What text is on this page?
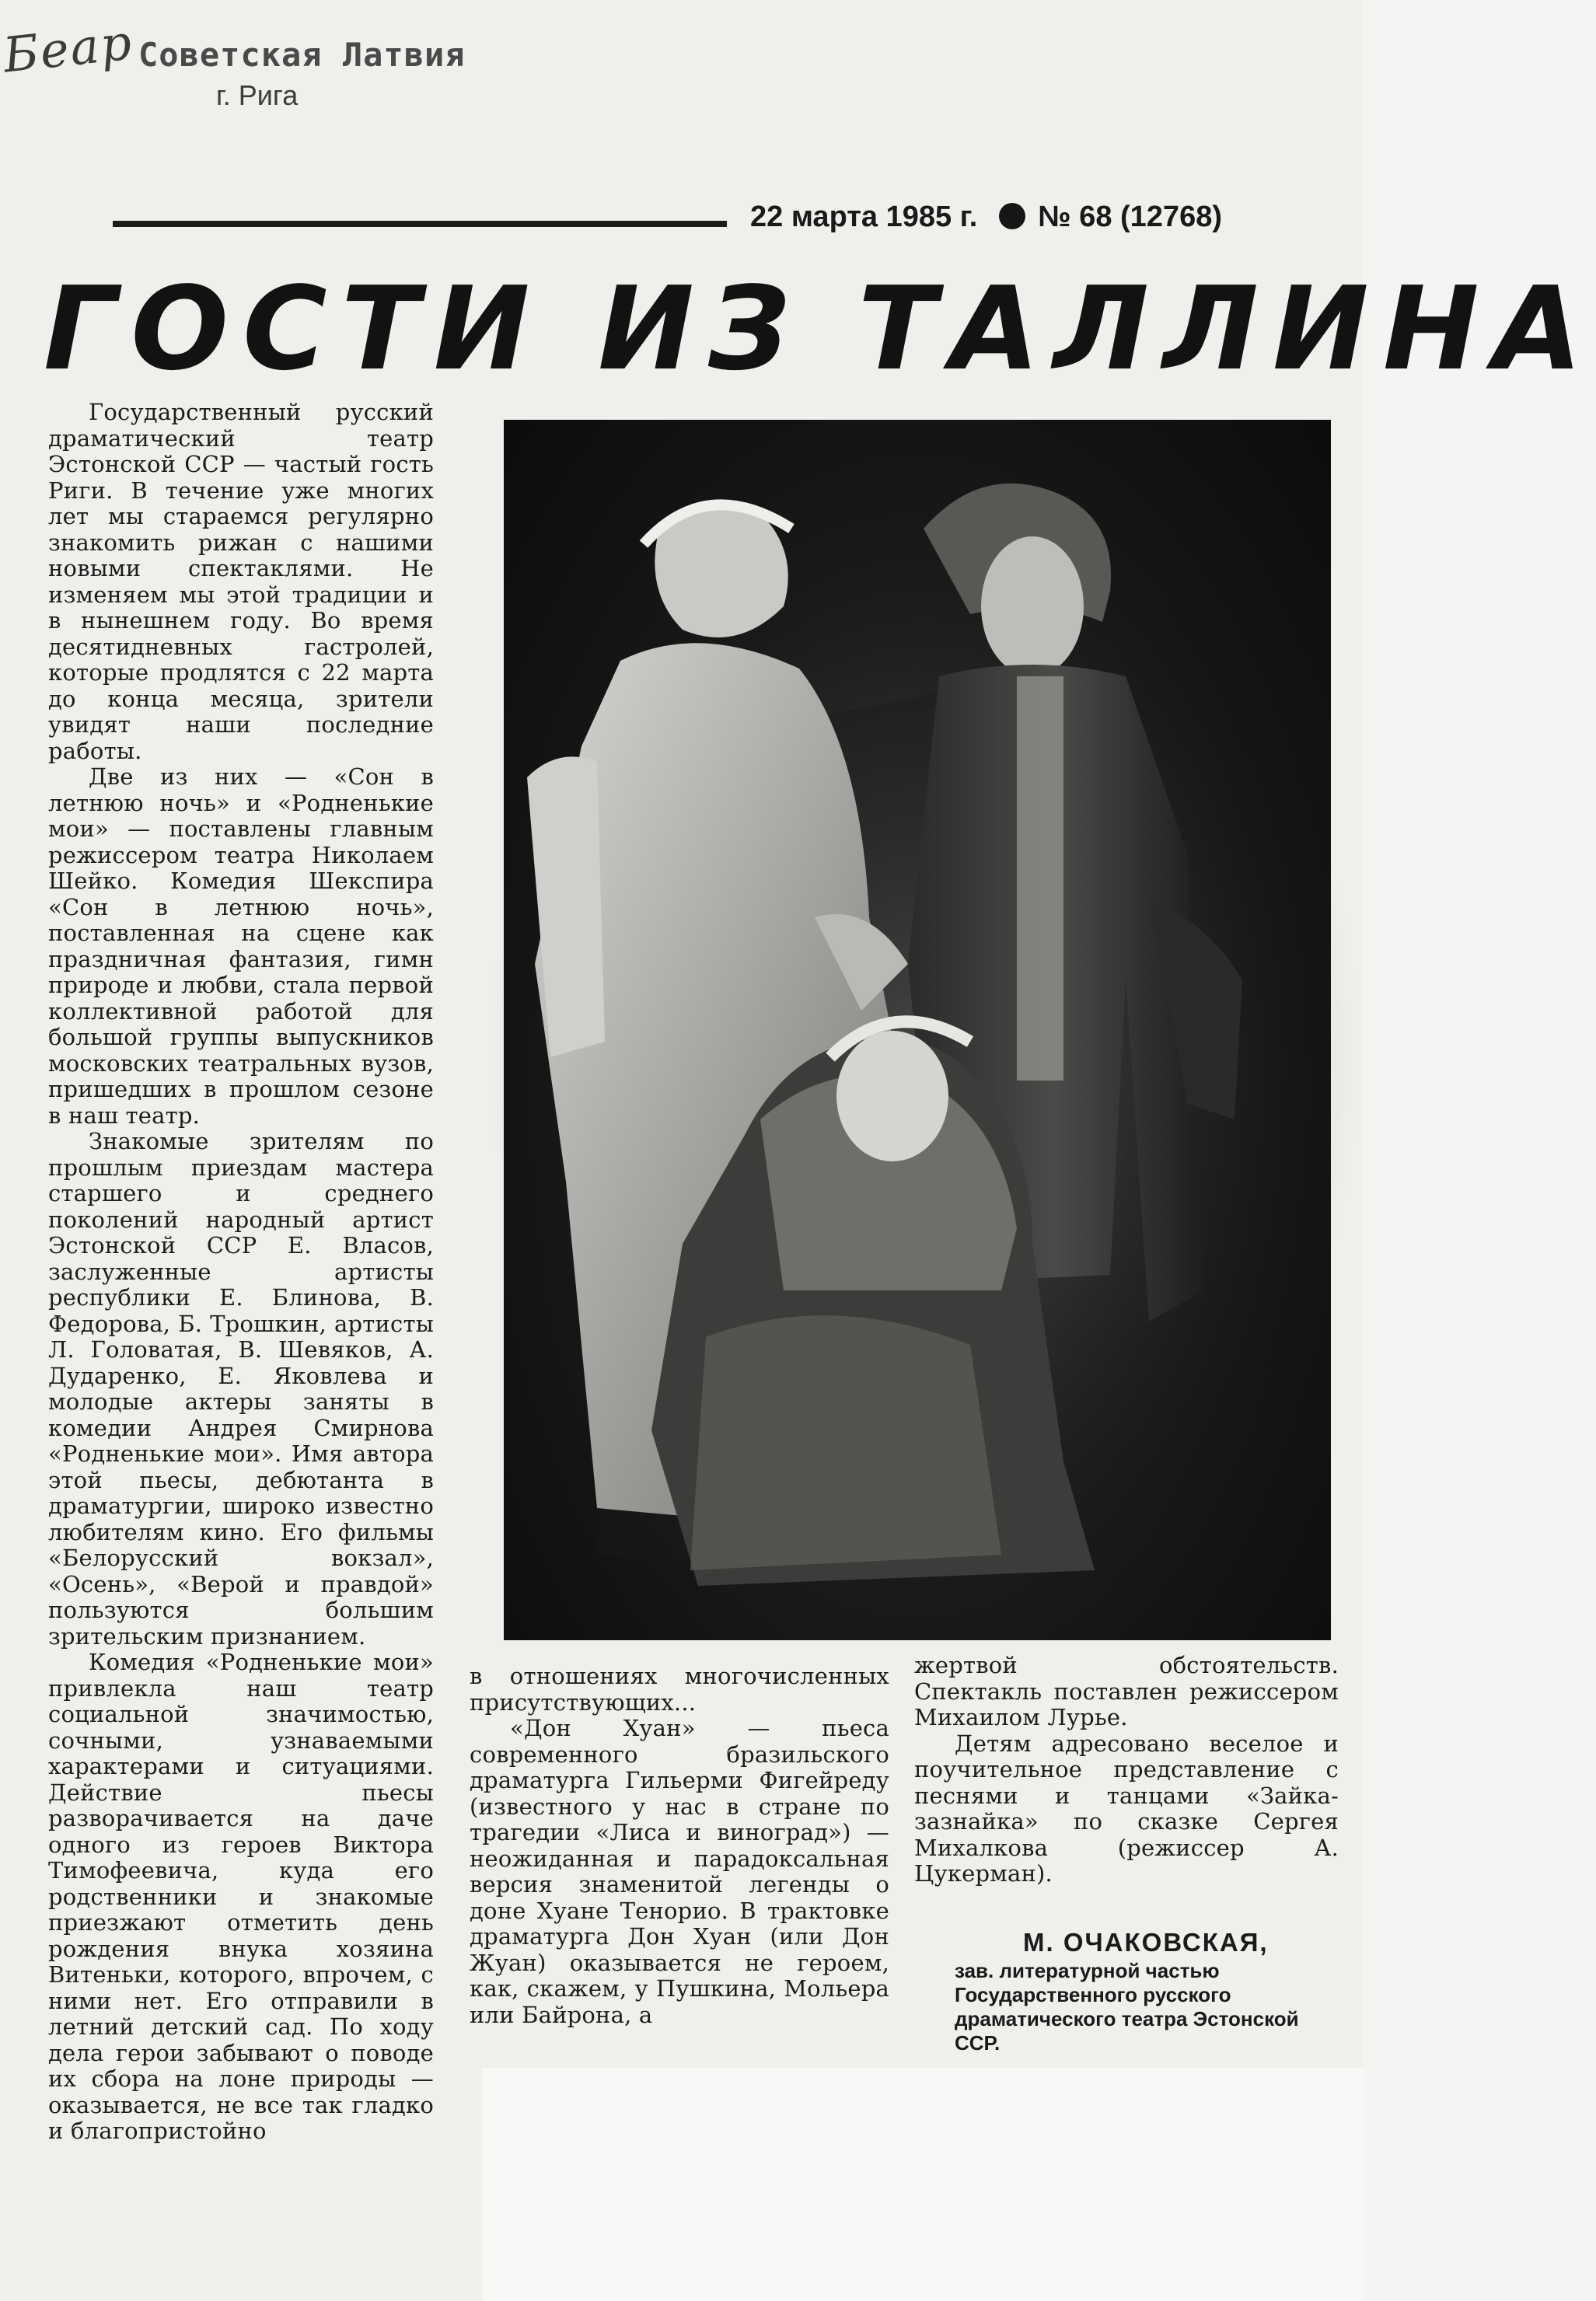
Беар Советская Латвия
г. Рига
22 марта 1985 г. № 68 (12768)
ГОСТИ ИЗ ТАЛЛИНА

Государственный русский драматический театр Эстонской ССР — частый гость Риги. В течение уже многих лет мы стараемся регулярно знакомить рижан с нашими новыми спектаклями. Не изменяем мы этой традиции и в нынешнем году. Во время десятидневных гастролей, которые продлятся с 22 марта до конца месяца, зрители увидят наши последние работы.

Две из них — «Сон в летнюю ночь» и «Родненькие мои» — поставлены главным режиссером театра Николаем Шейко. Комедия Шекспира «Сон в летнюю ночь», поставленная на сцене как праздничная фантазия, гимн природе и любви, стала первой коллективной работой для большой группы выпускников московских театральных вузов, пришедших в прошлом сезоне в наш театр.

Знакомые зрителям по прошлым приездам мастера старшего и среднего поколений народный артист Эстонской ССР Е. Власов, заслуженные артисты республики Е. Блинова, В. Федорова, Б. Трошкин, артисты Л. Головатая, В. Шевяков, А. Дударенко, Е. Яковлева и молодые актеры заняты в комедии Андрея Смирнова «Родненькие мои». Имя автора этой пьесы, дебютанта в драматургии, широко известно любителям кино. Его фильмы «Белорусский вокзал», «Осень», «Верой и правдой» пользуются большим зрительским признанием.

Комедия «Родненькие мои» привлекла наш театр социальной значимостью, сочными, узнаваемыми характерами и ситуациями. Действие пьесы разворачивается на даче одного из героев Виктора Тимофеевича, куда его родственники и знакомые приезжают отметить день рождения внука хозяина Витеньки, которого, впрочем, с ними нет. Его отправили в летний детский сад. По ходу дела герои забывают о поводе их сбора на лоне природы — оказывается, не все так гладко и благопристойно

в отношениях многочисленных присутствующих...

«Дон Хуан» — пьеса современного бразильского драматурга Гильерми Фигейреду (известного у нас в стране по трагедии «Лиса и виноград») — неожиданная и парадоксальная версия знаменитой легенды о доне Хуане Тенорио. В трактовке драматурга Дон Хуан (или Дон Жуан) оказывается не героем, как, скажем, у Пушкина, Мольера или Байрона, а

жертвой обстоятельств. Спектакль поставлен режиссером Михаилом Лурье.

Детям адресовано веселое и поучительное представление с песнями и танцами «Зайка-зазнайка» по сказке Сергея Михалкова (режиссер А. Цукерман).

М. ОЧАКОВСКАЯ,
зав. литературной частью Государственного русского драматического театра Эстонской ССР.
